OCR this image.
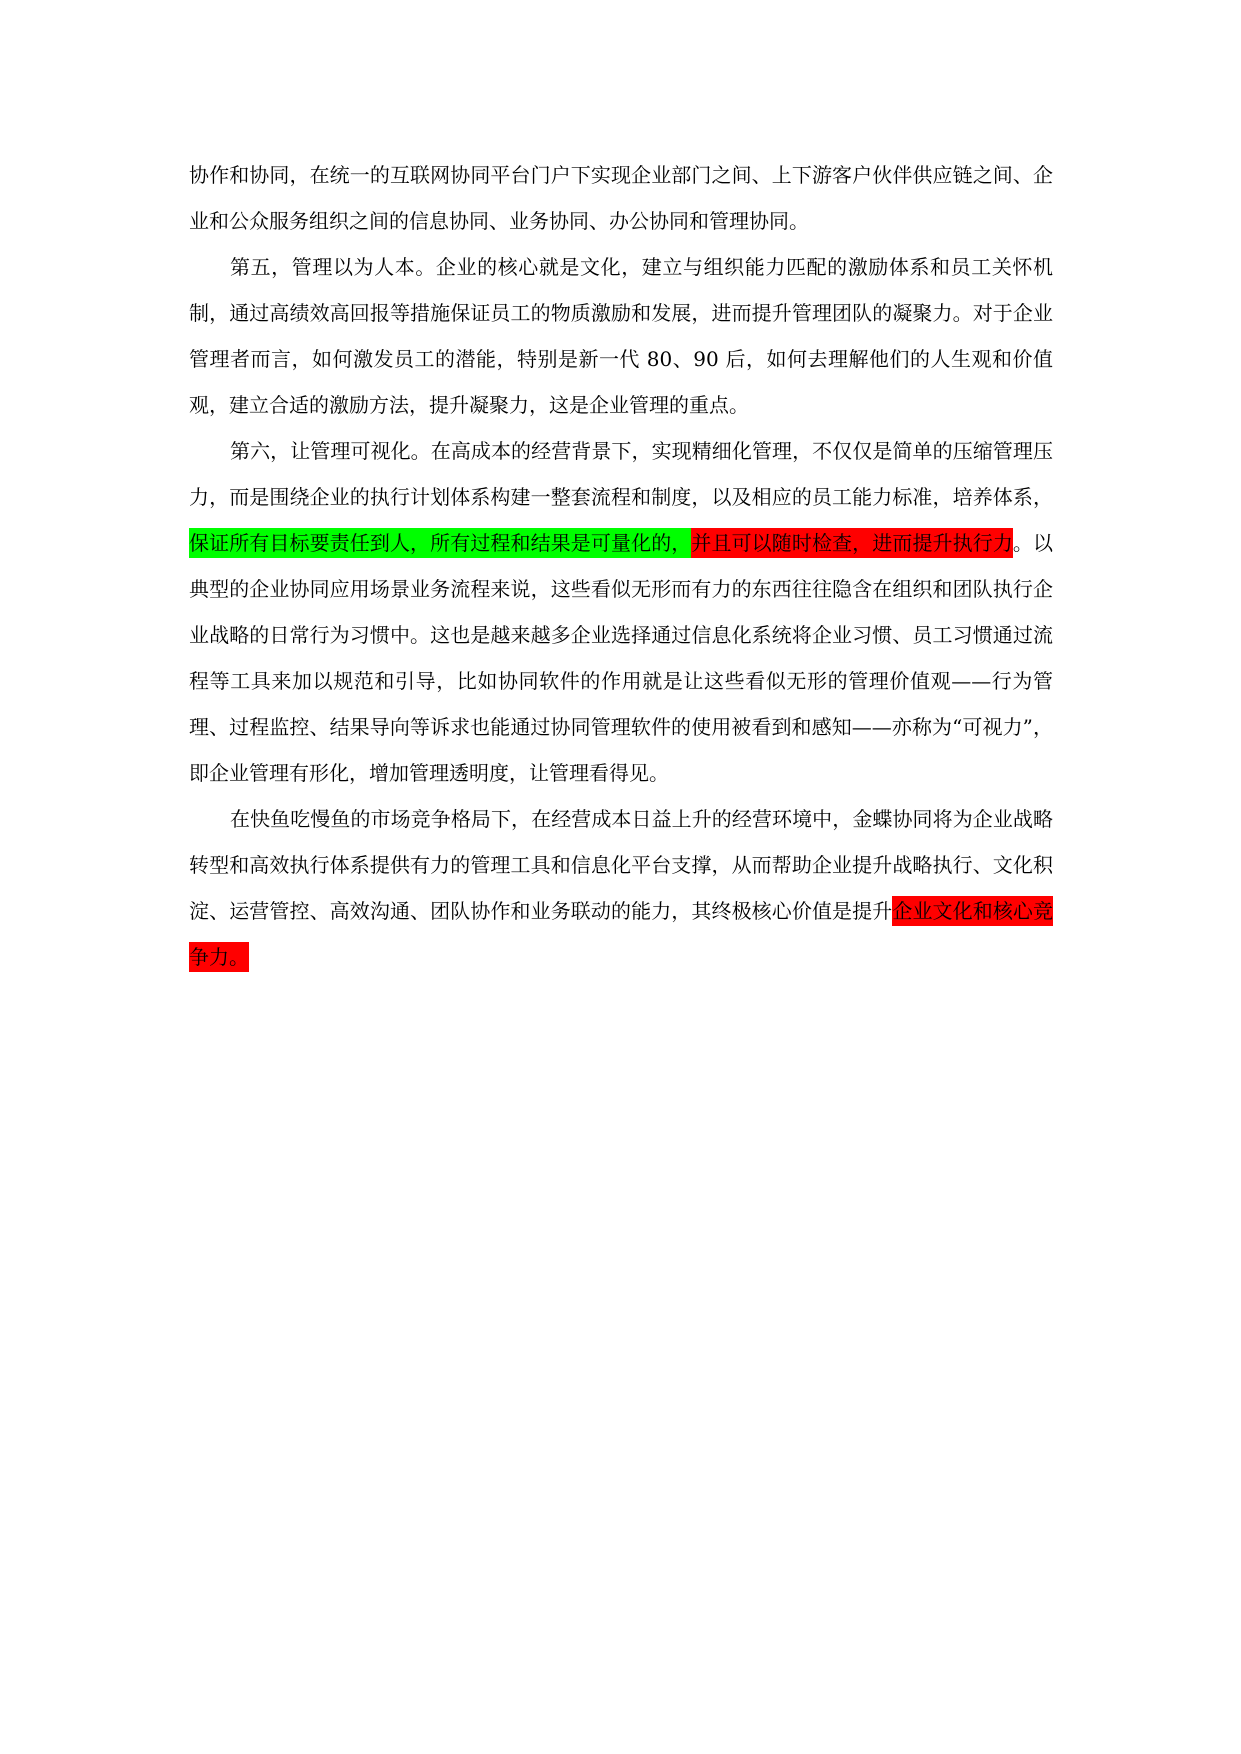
协作和协同，在统一的互联网协同平台门户下实现企业部门之间、上下游客户伙伴供应链之间、企业和公众服务组织之间的信息协同、业务协同、办公协同和管理协同。

第五，管理以为人本。企业的核心就是文化，建立与组织能力匹配的激励体系和员工关怀机制，通过高绩效高回报等措施保证员工的物质激励和发展，进而提升管理团队的凝聚力。对于企业管理者而言，如何激发员工的潜能，特别是新一代 80、90 后，如何去理解他们的人生观和价值观，建立合适的激励方法，提升凝聚力，这是企业管理的重点。

第六，让管理可视化。在高成本的经营背景下，实现精细化管理，不仅仅是简单的压缩管理压力，而是围绕企业的执行计划体系构建一整套流程和制度，以及相应的员工能力标准，培养体系，保证所有目标要责任到人，所有过程和结果是可量化的，并且可以随时检查，进而提升执行力。以典型的企业协同应用场景业务流程来说，这些看似无形而有力的东西往往隐含在组织和团队执行企业战略的日常行为习惯中。这也是越来越多企业选择通过信息化系统将企业习惯、员工习惯通过流程等工具来加以规范和引导，比如协同软件的作用就是让这些看似无形的管理价值观——行为管理、过程监控、结果导向等诉求也能通过协同管理软件的使用被看到和感知——亦称为“可视力”，即企业管理有形化，增加管理透明度，让管理看得见。

在快鱼吃慢鱼的市场竞争格局下，在经营成本日益上升的经营环境中，金蝶协同将为企业战略转型和高效执行体系提供有力的管理工具和信息化平台支撑，从而帮助企业提升战略执行、文化积淀、运营管控、高效沟通、团队协作和业务联动的能力，其终极核心价值是提升企业文化和核心竞争力。
